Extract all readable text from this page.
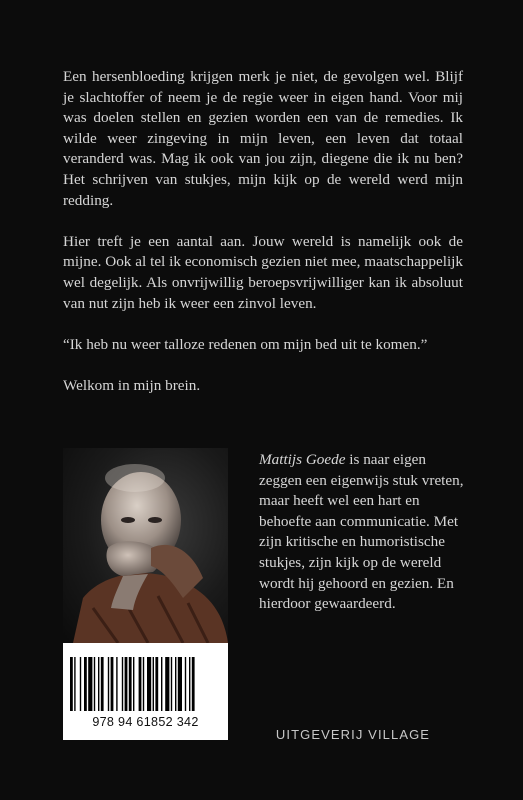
Een hersenbloeding krijgen merk je niet, de gevolgen wel. Blijf je slachtoffer of neem je de regie weer in eigen hand. Voor mij was doelen stellen en gezien worden een van de remedies. Ik wilde weer zingeving in mijn leven, een leven dat totaal veranderd was. Mag ik ook van jou zijn, diegene die ik nu ben? Het schrijven van stukjes, mijn kijk op de wereld werd mijn redding.

Hier treft je een aantal aan. Jouw wereld is namelijk ook de mijne. Ook al tel ik economisch gezien niet mee, maatschappelijk wel degelijk. Als onvrijwillig beroepsvrijwilliger kan ik absoluut van nut zijn heb ik weer een zinvol leven.

“Ik heb nu weer talloze redenen om mijn bed uit te komen.”

Welkom in mijn brein.

978 94 61852 342
Mattijs Goede is naar eigen zeggen een eigenwijs stuk vreten, maar heeft wel een hart en behoefte aan communicatie. Met zijn kritische en humoristische stukjes, zijn kijk op de wereld wordt hij gehoord en gezien. En hierdoor gewaardeerd.
UITGEVERIJ VILLAGE
